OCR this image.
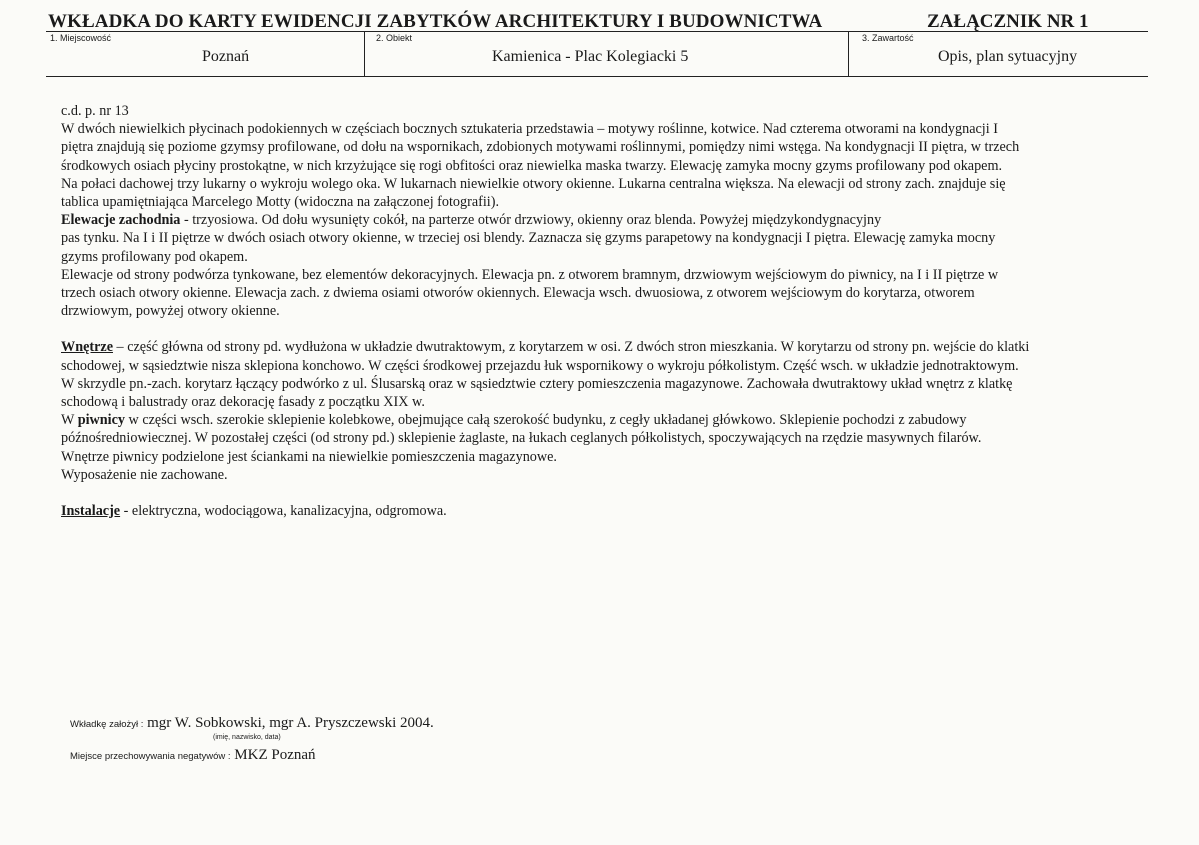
WKŁADKA DO KARTY EWIDENCJI ZABYTKÓW ARCHITEKTURY I BUDOWNICTWA	ZAŁĄCZNIK NR 1
1. Miejscowość
Poznań
2. Obiekt
Kamienica - Plac Kolegiacki 5
3. Zawartość
Opis, plan sytuacyjny
c.d. p. nr 13
W dwóch niewielkich płycinach podokiennych w częściach bocznych sztukateria przedstawia – motywy roślinne, kotwice. Nad czterema otworami na kondygnacji I
piętra znajdują się poziome gzymsy profilowane, od dołu na wspornikach, zdobionych motywami roślinnymi, pomiędzy nimi wstęga. Na kondygnacji II piętra, w trzech
środkowych osiach płyciny prostokątne, w nich krzyżujące się rogi obfitości oraz niewielka maska twarzy. Elewację zamyka mocny gzyms profilowany pod okapem.
Na połaci dachowej trzy lukarny o wykroju wolego oka. W lukarnach niewielkie otwory okienne. Lukarna centralna większa. Na elewacji od strony zach. znajduje się
tablica upamiętniająca Marcelego Motty (widoczna na załączonej fotografii).
Elewacje zachodnia - trzyosiowa. Od dołu wysunięty cokół, na parterze otwór drzwiowy, okienny oraz blenda. Powyżej międzykondygnacyjny
pas tynku. Na I i II piętrze w dwóch osiach otwory okienne, w trzeciej osi blendy. Zaznacza się gzyms parapetowy na kondygnacji I piętra. Elewację zamyka mocny
gzyms profilowany pod okapem.
Elewacje od strony podwórza tynkowane, bez elementów dekoracyjnych. Elewacja pn. z otworem bramnym, drzwiowym wejściowym do piwnicy, na I i II piętrze w
trzech osiach otwory okienne. Elewacja zach. z dwiema osiami otworów okiennych. Elewacja wsch. dwuosiowa, z otworem wejściowym do korytarza, otworem
drzwiowym, powyżej otwory okienne.
Wnętrze – część główna od strony pd. wydłużona w układzie dwutraktowym, z korytarzem w osi. Z dwóch stron mieszkania. W korytarzu od strony pn. wejście do klatki
schodowej, w sąsiedztwie nisza sklepiona konchowo. W części środkowej przejazdu łuk wspornikowy o wykroju półkolistym. Część wsch. w układzie jednotraktowym.
W skrzydle pn.-zach. korytarz łączący podwórko z ul. Ślusarską oraz w sąsiedztwie cztery pomieszczenia magazynowe. Zachowała dwutraktowy układ wnętrz z klatkę
schodową i balustrady oraz dekorację fasady z początku XIX w.
W piwnicy w części wsch. szerokie sklepienie kolebkowe, obejmujące całą szerokość budynku, z cegły układanej główkowo. Sklepienie pochodzi z zabudowy
późnośredniowiecznej. W pozostałej części (od strony pd.) sklepienie żaglaste, na łukach ceglanych półkolistych, spoczywających na rzędzie masywnych filarów.
Wnętrze piwnicy podzielone jest ściankami na niewielkie pomieszczenia magazynowe.
Wyposażenie nie zachowane.
Instalacje - elektryczna, wodociągowa, kanalizacyjna, odgromowa.
Wkładkę założył : mgr W. Sobkowski, mgr A. Pryszczewski 2004.
(imię, nazwisko, data)
Miejsce przechowywania negatywów : MKZ Poznań
